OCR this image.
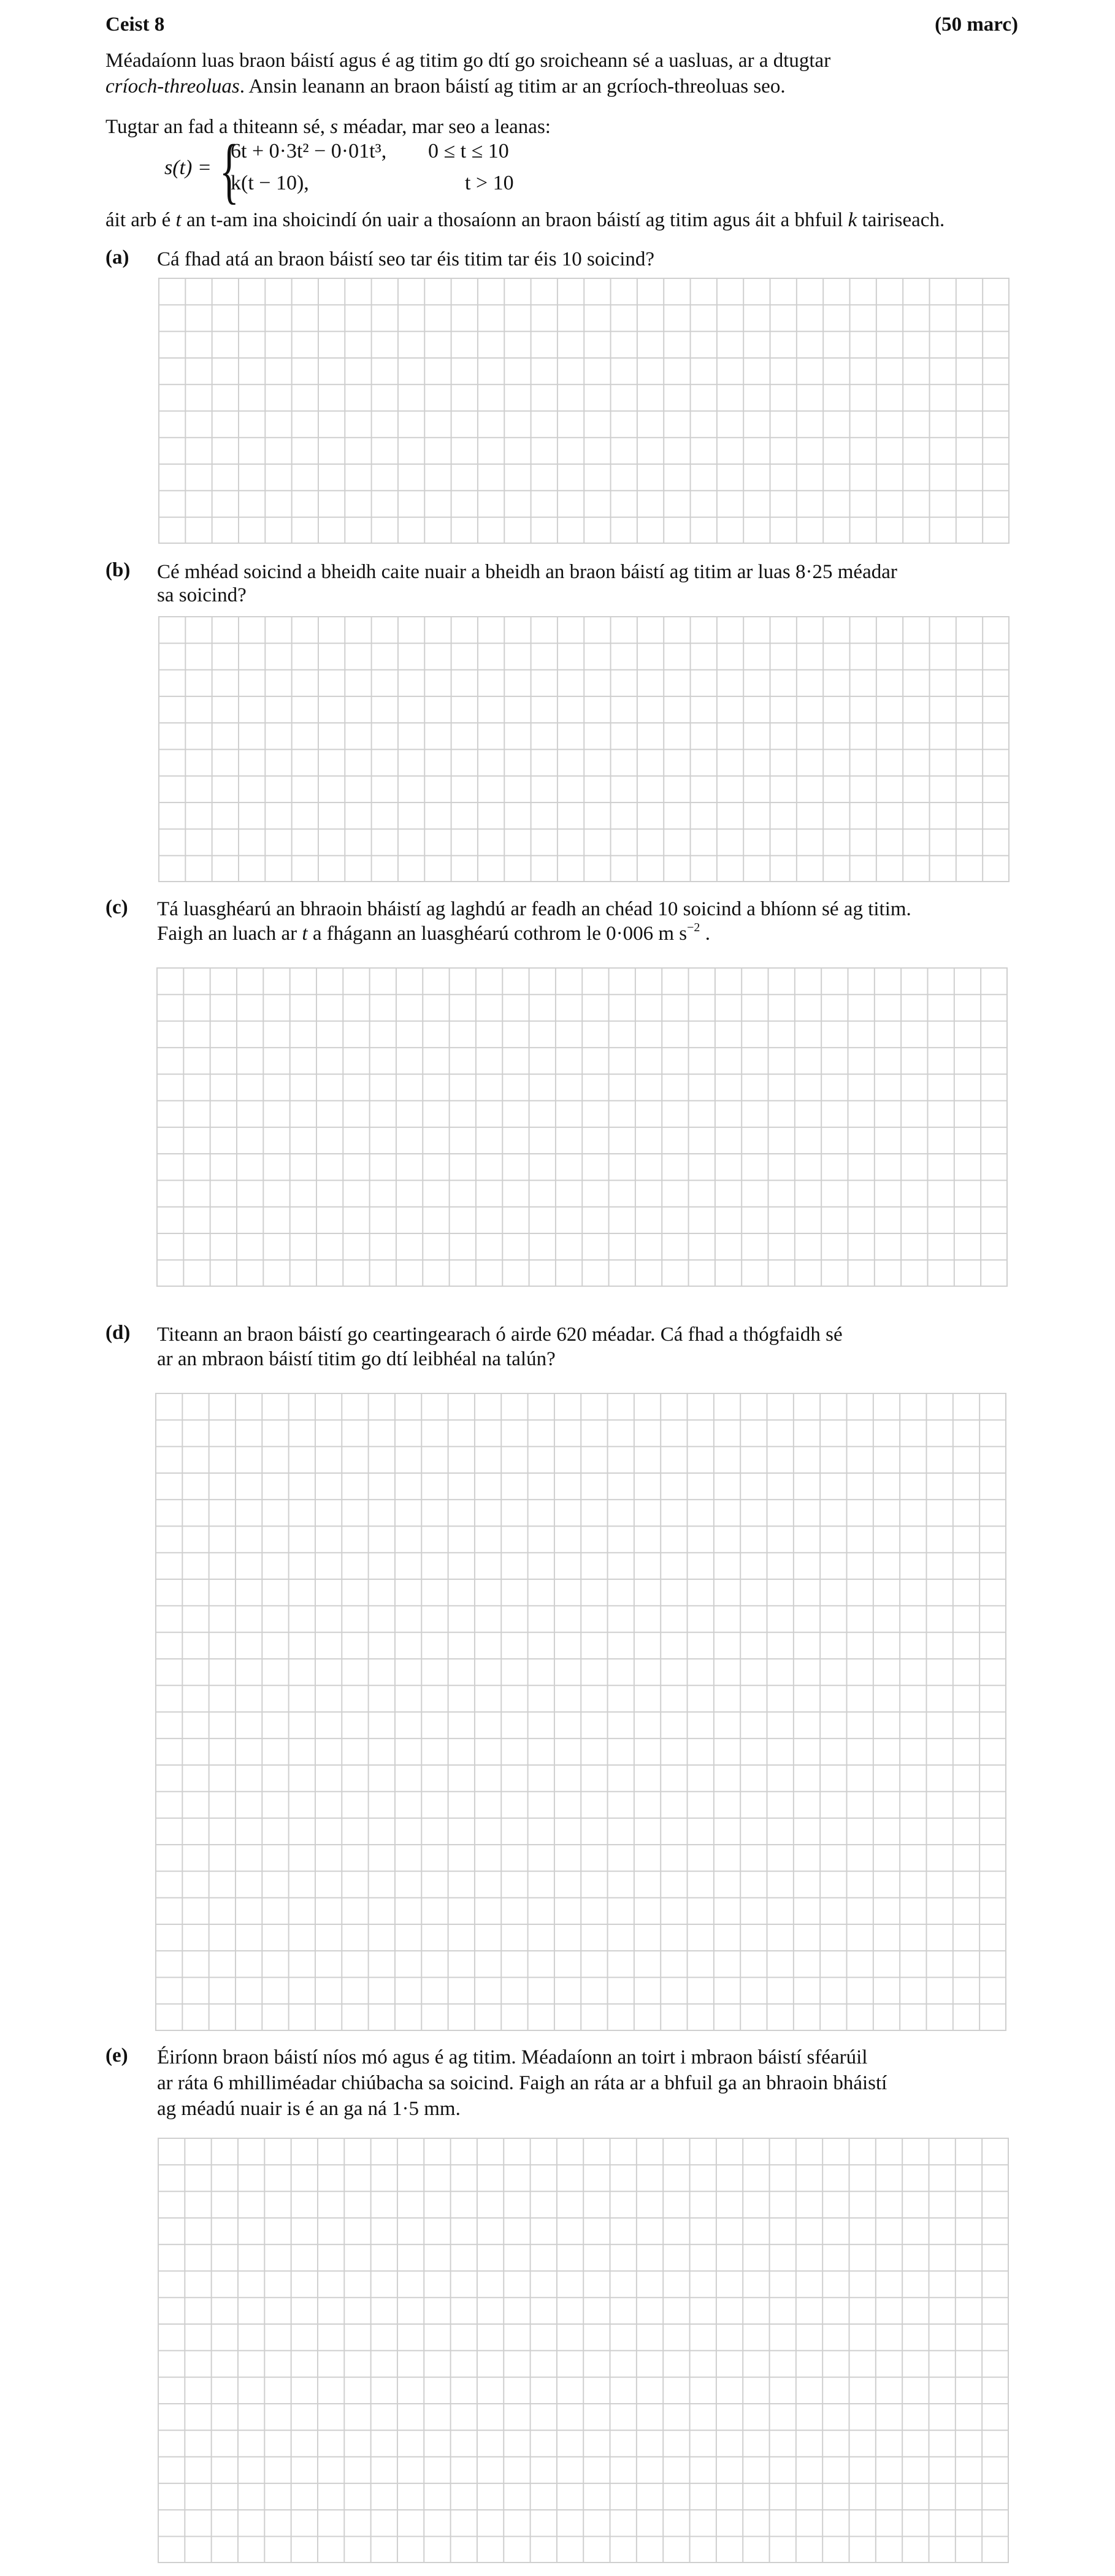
Ceist 8	(50 marc)
Méadaíonn luas braon báistí agus é ag titim go dtí go sroicheann sé a uasluas, ar a dtugtar
críoch-threoluas. Ansin leanann an braon báistí ag titim ar an gcríoch-threoluas seo.
Tugtar an fad a thiteann sé, s méadar, mar seo a leanas:
s(t) = {
6t + 0·3t² − 0·01t³, 0 ≤ t ≤ 10
k(t − 10),	t > 10
áit arb é t an t-am ina shoicindí ón uair a thosaíonn an braon báistí ag titim agus áit a bhfuil k tairiseach.
(a) Cá fhad atá an braon báistí seo tar éis titim tar éis 10 soicind?
(b) Cé mhéad soicind a bheidh caite nuair a bheidh an braon báistí ag titim ar luas 8·25 méadar
sa soicind?
(c) Tá luasghéarú an bhraoin bháistí ag laghdú ar feadh an chéad 10 soicind a bhíonn sé ag titim.
Faigh an luach ar t a fhágann an luasghéarú cothrom le 0·006 m $s^{-2}$ .
(d) Titeann an braon báistí go ceartingearach ó airde 620 méadar. Cá fhad a thógfaidh sé
ar an mbraon báistí titim go dtí leibhéal na talún?
(e) Éiríonn braon báistí níos mó agus é ag titim. Méadaíonn an toirt i mbraon báistí sféarúil
ar ráta 6 mhilliméadar chiúbacha sa soicind. Faigh an ráta ar a bhfuil ga an bhraoin bháistí
ag méadú nuair is é an ga ná 1·5 mm.
